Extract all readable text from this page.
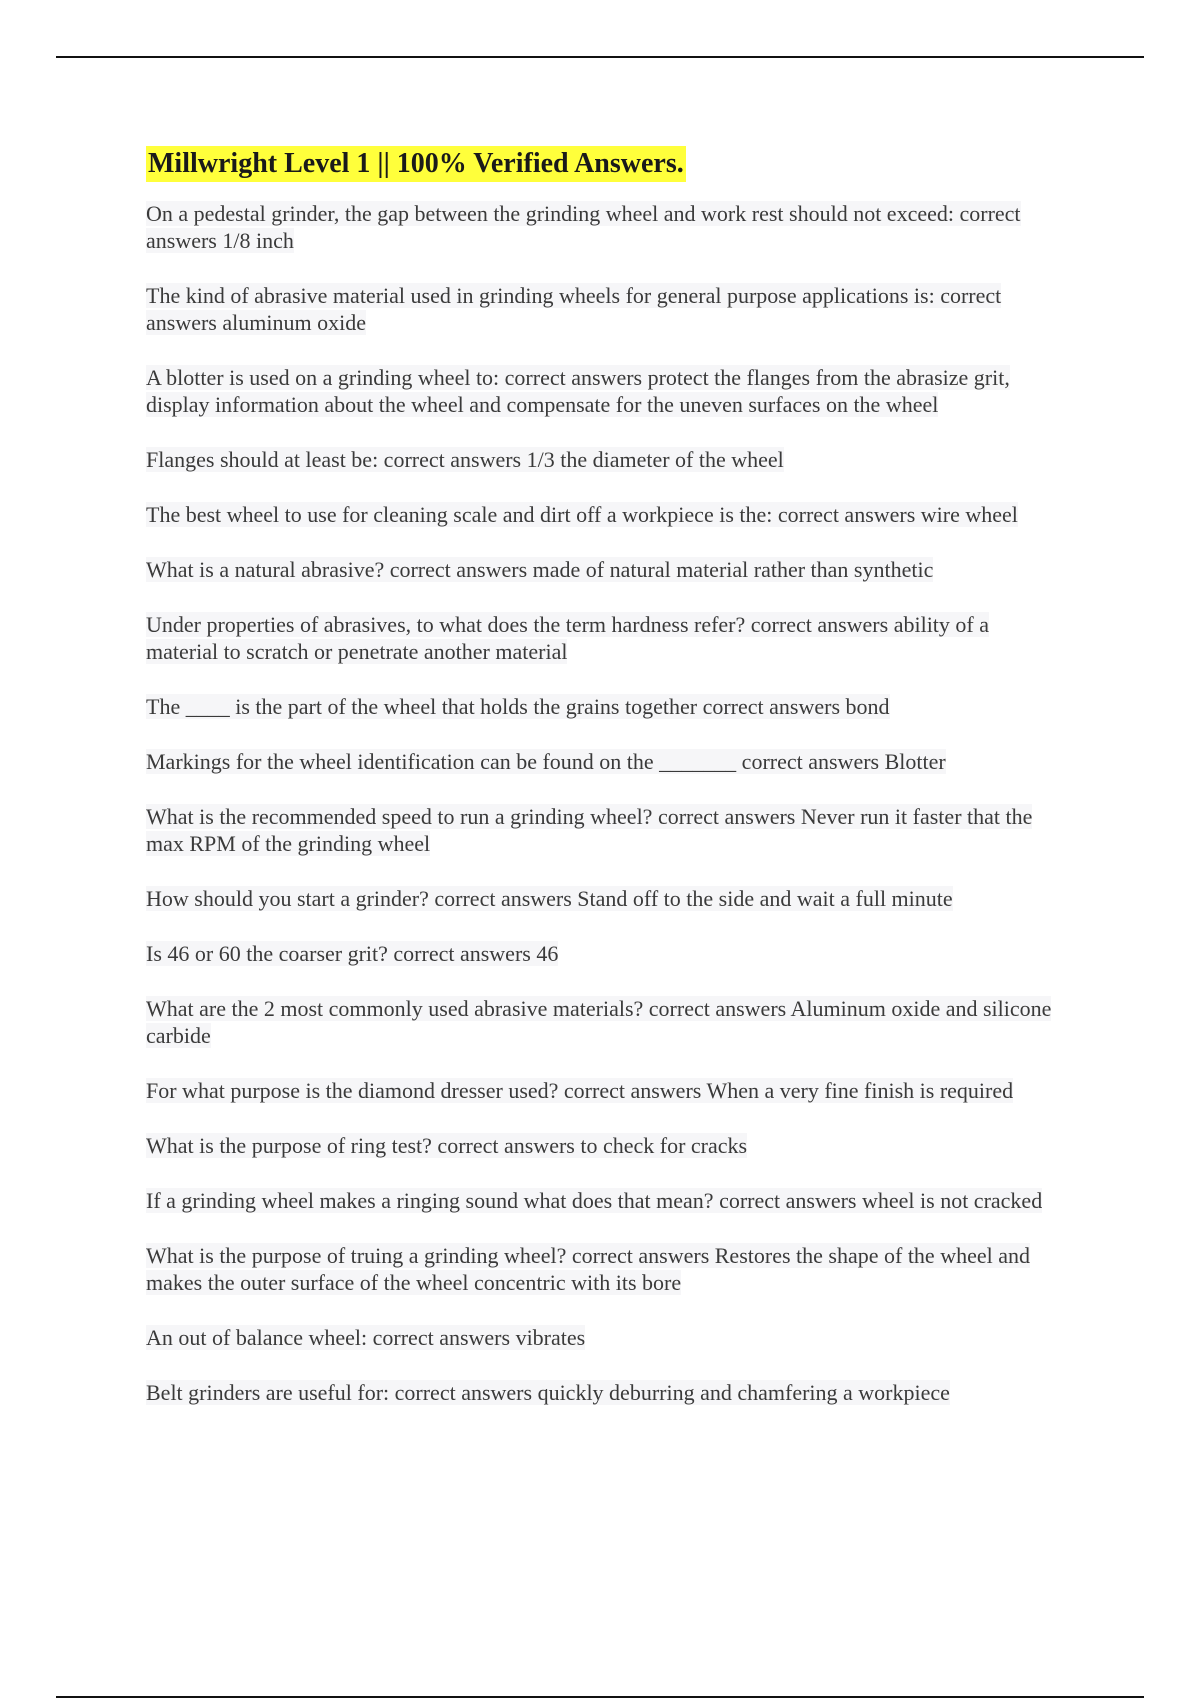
Millwright Level 1 || 100% Verified Answers.

On a pedestal grinder, the gap between the grinding wheel and work rest should not exceed: correct answers 1/8 inch

The kind of abrasive material used in grinding wheels for general purpose applications is: correct answers aluminum oxide

A blotter is used on a grinding wheel to: correct answers protect the flanges from the abrasize grit, display information about the wheel and compensate for the uneven surfaces on the wheel

Flanges should at least be: correct answers 1/3 the diameter of the wheel

The best wheel to use for cleaning scale and dirt off a workpiece is the: correct answers wire wheel

What is a natural abrasive? correct answers made of natural material rather than synthetic

Under properties of abrasives, to what does the term hardness refer? correct answers ability of a material to scratch or penetrate another material

The ____ is the part of the wheel that holds the grains together correct answers bond

Markings for the wheel identification can be found on the _______ correct answers Blotter

What is the recommended speed to run a grinding wheel? correct answers Never run it faster that the max RPM of the grinding wheel

How should you start a grinder? correct answers Stand off to the side and wait a full minute

Is 46 or 60 the coarser grit? correct answers 46

What are the 2 most commonly used abrasive materials? correct answers Aluminum oxide and silicone carbide

For what purpose is the diamond dresser used? correct answers When a very fine finish is required

What is the purpose of ring test? correct answers to check for cracks

If a grinding wheel makes a ringing sound what does that mean? correct answers wheel is not cracked

What is the purpose of truing a grinding wheel? correct answers Restores the shape of the wheel and makes the outer surface of the wheel concentric with its bore

An out of balance wheel: correct answers vibrates

Belt grinders are useful for: correct answers quickly deburring and chamfering a workpiece
